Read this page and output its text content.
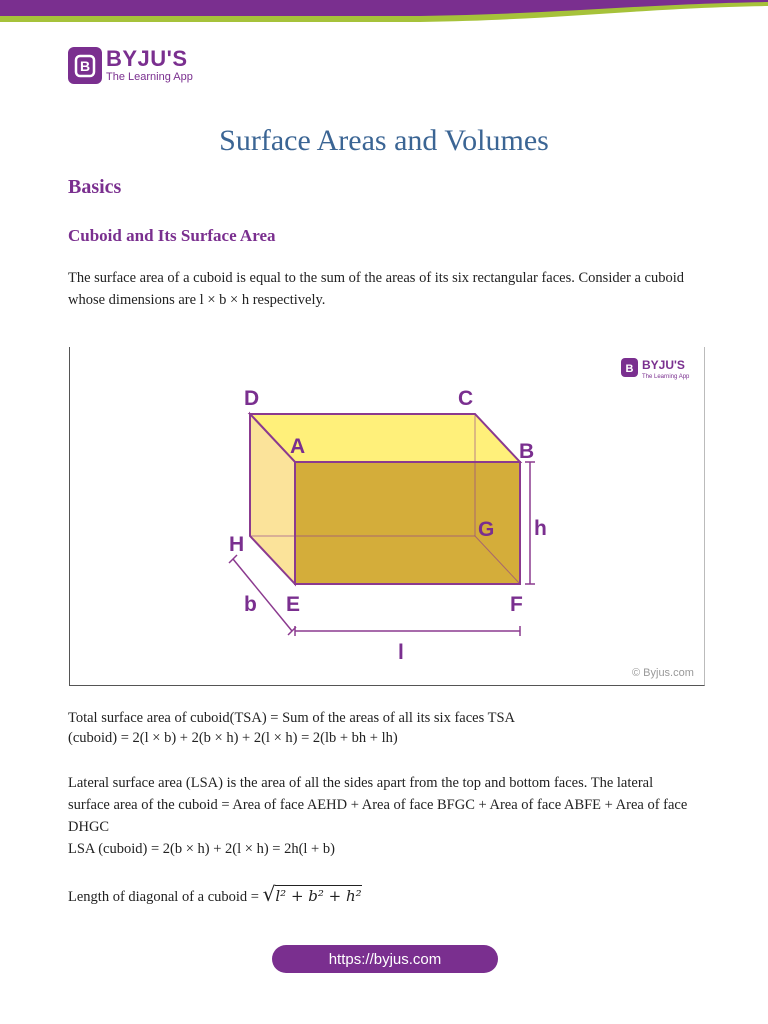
B BYJU'S
The Learning App
Surface Areas and Volumes
Basics
Cuboid and Its Surface Area
The surface area of a cuboid is equal to the sum of the areas of its six rectangular faces. Consider a cuboid whose dimensions are l × b × h respectively.
D	C
A	B
G
H
E	F
h
b
l
B BYJU'S
The Learning App
© Byjus.com
Total surface area of cuboid(TSA) = Sum of the areas of all its six faces TSA
(cuboid) = 2(l × b) + 2(b × h) + 2(l × h) = 2(lb + bh + lh)
Lateral surface area (LSA) is the area of all the sides apart from the top and bottom faces. The lateral surface area of the cuboid = Area of face AEHD + Area of face BFGC + Area of face ABFE + Area of face DHGC
LSA (cuboid) = 2(b × h) + 2(l × h) = 2h(l + b)
Length of diagonal of a cuboid = √l² + b² + h²
https://byjus.com
